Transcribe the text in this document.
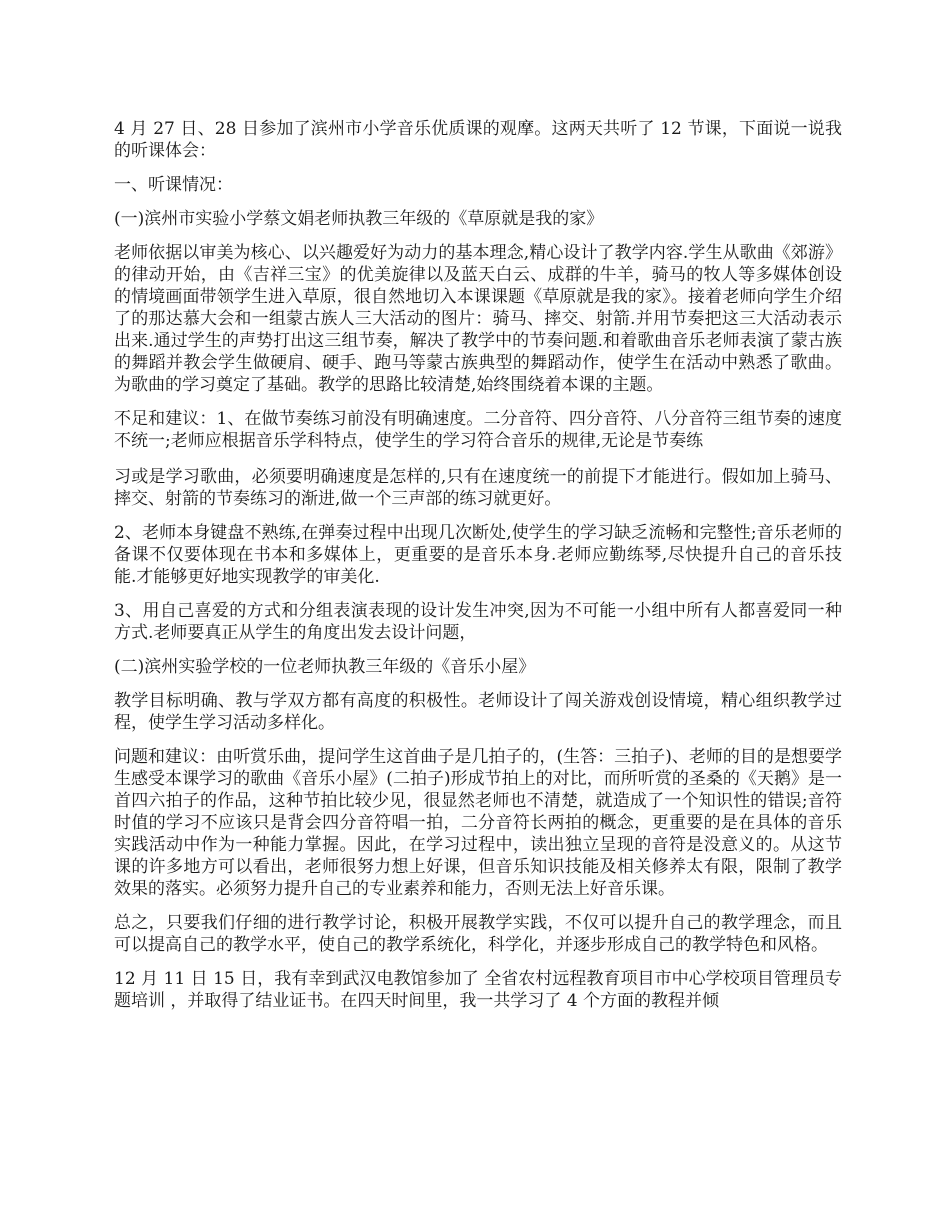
4 月 27 日、28 日参加了滨州市小学音乐优质课的观摩。这两天共听了 12 节课，下面说一说我的听课体会：

一、听课情况：

(一)滨州市实验小学蔡文娟老师执教三年级的《草原就是我的家》

老师依据以审美为核心、以兴趣爱好为动力的基本理念,精心设计了教学内容.学生从歌曲《郊游》的律动开始，由《吉祥三宝》的优美旋律以及蓝天白云、成群的牛羊，骑马的牧人等多媒体创设的情境画面带领学生进入草原，很自然地切入本课课题《草原就是我的家》。接着老师向学生介绍了的那达慕大会和一组蒙古族人三大活动的图片：骑马、摔交、射箭.并用节奏把这三大活动表示出来.通过学生的声势打出这三组节奏，解决了教学中的节奏问题.和着歌曲音乐老师表演了蒙古族的舞蹈并教会学生做硬肩、硬手、跑马等蒙古族典型的舞蹈动作，使学生在活动中熟悉了歌曲。为歌曲的学习奠定了基础。教学的思路比较清楚,始终围绕着本课的主题。

不足和建议：1、在做节奏练习前没有明确速度。二分音符、四分音符、八分音符三组节奏的速度不统一;老师应根据音乐学科特点，使学生的学习符合音乐的规律,无论是节奏练

习或是学习歌曲，必须要明确速度是怎样的,只有在速度统一的前提下才能进行。假如加上骑马、摔交、射箭的节奏练习的渐进,做一个三声部的练习就更好。

2、老师本身键盘不熟练,在弹奏过程中出现几次断处,使学生的学习缺乏流畅和完整性;音乐老师的备课不仅要体现在书本和多媒体上，更重要的是音乐本身.老师应勤练琴,尽快提升自己的音乐技能.才能够更好地实现教学的审美化.

3、用自己喜爱的方式和分组表演表现的设计发生冲突,因为不可能一小组中所有人都喜爱同一种方式.老师要真正从学生的角度出发去设计问题，

(二)滨州实验学校的一位老师执教三年级的《音乐小屋》

教学目标明确、教与学双方都有高度的积极性。老师设计了闯关游戏创设情境，精心组织教学过程，使学生学习活动多样化。

问题和建议：由听赏乐曲，提问学生这首曲子是几拍子的，(生答：三拍子)、老师的目的是想要学生感受本课学习的歌曲《音乐小屋》(二拍子)形成节拍上的对比，而所听赏的圣桑的《天鹅》是一首四六拍子的作品，这种节拍比较少见，很显然老师也不清楚，就造成了一个知识性的错误;音符时值的学习不应该只是背会四分音符唱一拍，二分音符长两拍的概念，更重要的是在具体的音乐实践活动中作为一种能力掌握。因此，在学习过程中，读出独立呈现的音符是没意义的。从这节课的许多地方可以看出，老师很努力想上好课，但音乐知识技能及相关修养太有限，限制了教学效果的落实。必须努力提升自己的专业素养和能力，否则无法上好音乐课。

总之，只要我们仔细的进行教学讨论，积极开展教学实践，不仅可以提升自己的教学理念，而且可以提高自己的教学水平，使自己的教学系统化，科学化，并逐步形成自己的教学特色和风格。

12 月 11 日 15 日，我有幸到武汉电教馆参加了 全省农村远程教育项目市中心学校项目管理员专题培训 ，并取得了结业证书。在四天时间里，我一共学习了 4 个方面的教程并倾
